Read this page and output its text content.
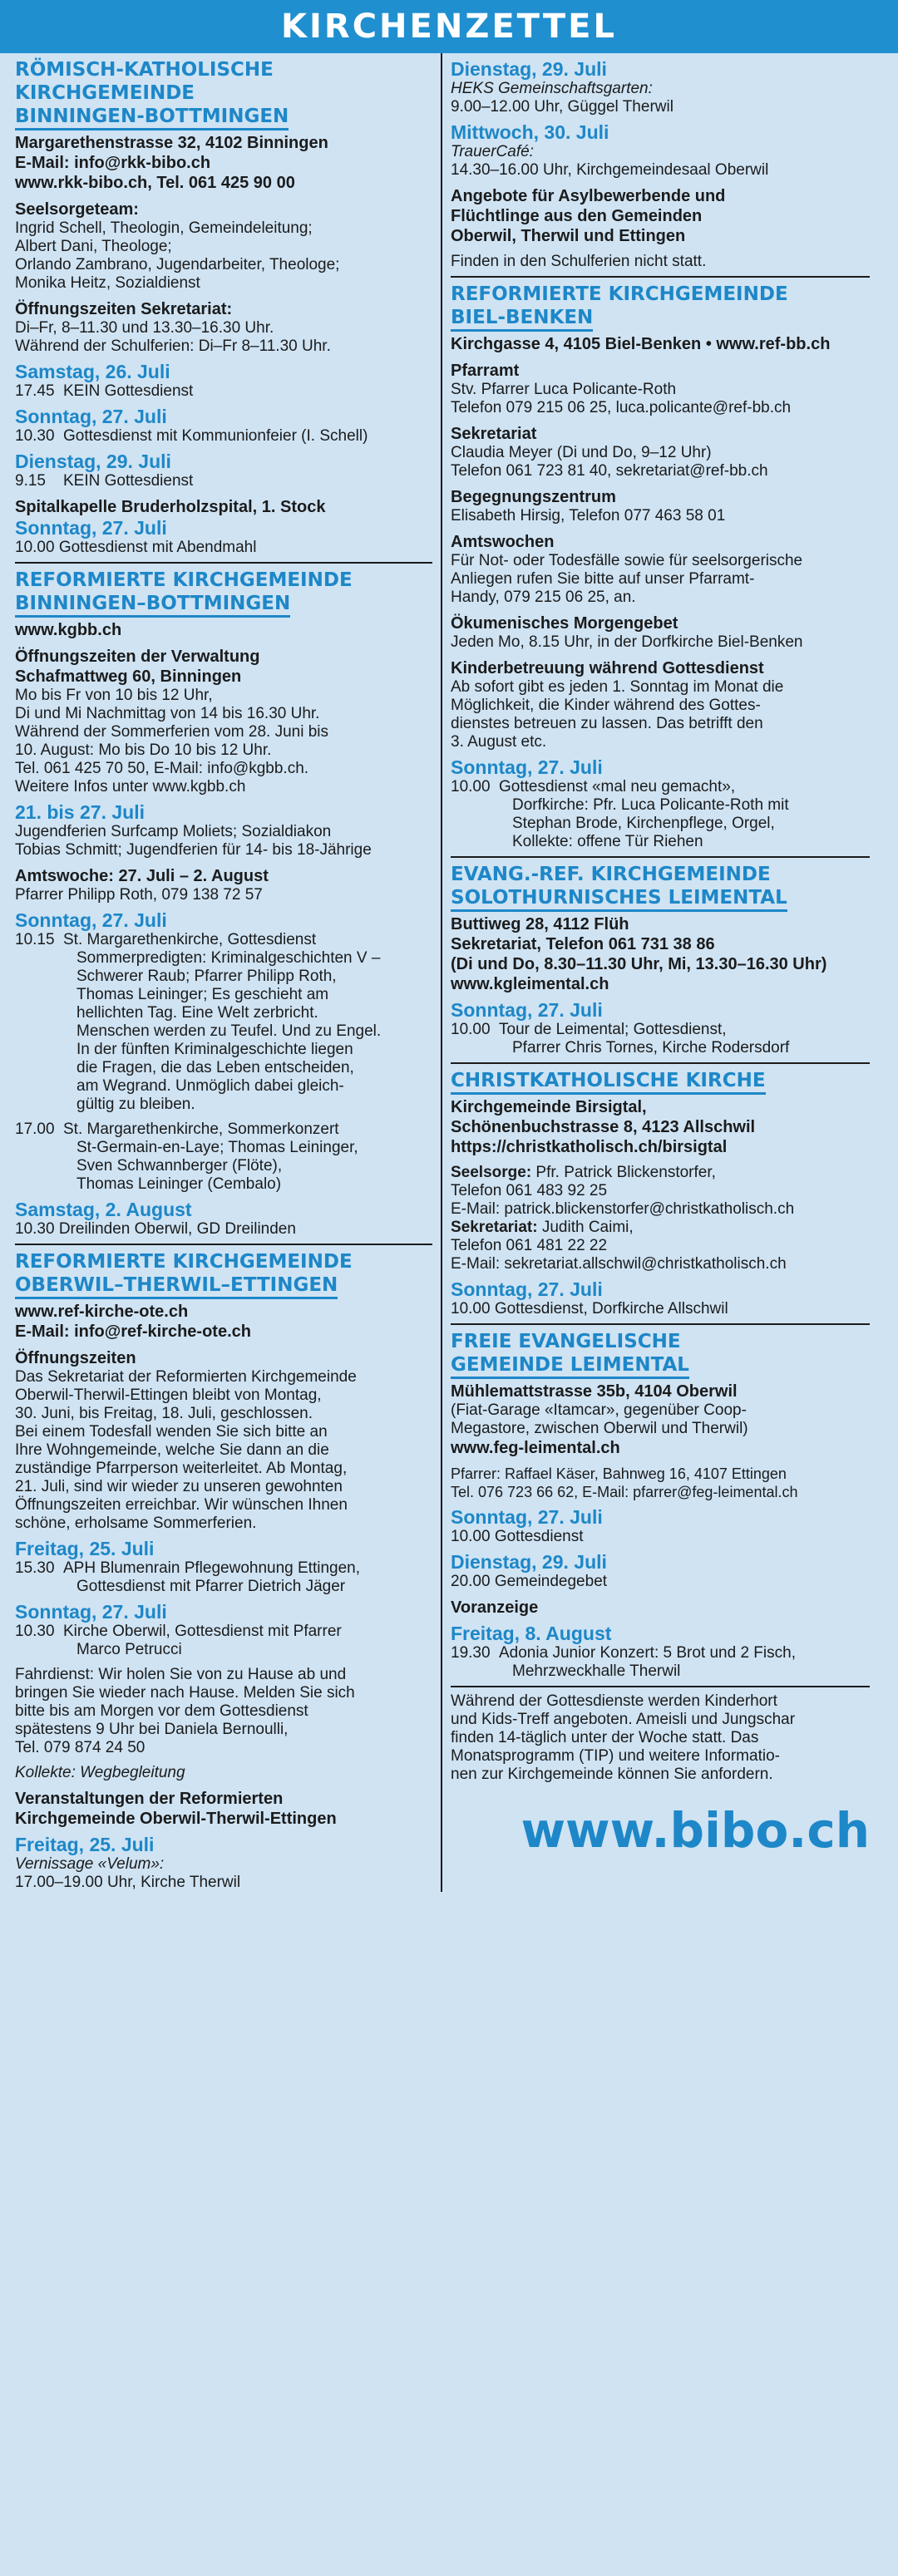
KIRCHENZETTEL
RÖMISCH-KATHOLISCHE
KIRCHGEMEINDE
BINNINGEN-BOTTMINGEN
Margarethenstrasse 32, 4102 Binningen
E-Mail: info@rkk-bibo.ch
www.rkk-bibo.ch, Tel. 061 425 90 00
Seelsorgeteam:
Ingrid Schell, Theologin, Gemeindeleitung;
Albert Dani, Theologe;
Orlando Zambrano, Jugendarbeiter, Theologe;
Monika Heitz, Sozialdienst
Öffnungszeiten Sekretariat:
Di–Fr, 8–11.30 und 13.30–16.30 Uhr.
Während der Schulferien: Di–Fr 8–11.30 Uhr.
Samstag, 26. Juli
17.45 KEIN Gottesdienst
Sonntag, 27. Juli
10.30 Gottesdienst mit Kommunionfeier (I. Schell)
Dienstag, 29. Juli
9.15	KEIN Gottesdienst
Spitalkapelle Bruderholzspital, 1. Stock
Sonntag, 27. Juli
10.00 Gottesdienst mit Abendmahl
REFORMIERTE KIRCHGEMEINDE
BINNINGEN–BOTTMINGEN
www.kgbb.ch
Öffnungszeiten der Verwaltung
Schafmattweg 60, Binningen
Mo bis Fr von 10 bis 12 Uhr,
Di und Mi Nachmittag von 14 bis 16.30 Uhr.
Während der Sommerferien vom 28. Juni bis
10. August: Mo bis Do 10 bis 12 Uhr.
Tel. 061 425 70 50, E-Mail: info@kgbb.ch.
Weitere Infos unter www.kgbb.ch
21. bis 27. Juli
Jugendferien Surfcamp Moliets; Sozialdiakon
Tobias Schmitt; Jugendferien für 14- bis 18-Jährige
Amtswoche: 27. Juli – 2. August
Pfarrer Philipp Roth, 079 138 72 57
Sonntag, 27. Juli
10.15 St. Margarethenkirche, Gottesdienst
Sommerpredigten: Kriminalgeschichten V –
Schwerer Raub; Pfarrer Philipp Roth,
Thomas Leininger; Es geschieht am
hellichten Tag. Eine Welt zerbricht.
Menschen werden zu Teufel. Und zu Engel.
In der fünften Kriminalgeschichte liegen
die Fragen, die das Leben entscheiden,
am Wegrand. Unmöglich dabei gleich-
gültig zu bleiben.
17.00 St. Margarethenkirche, Sommerkonzert
St-Germain-en-Laye; Thomas Leininger,
Sven Schwannberger (Flöte),
Thomas Leininger (Cembalo)
Samstag, 2. August
10.30 Dreilinden Oberwil, GD Dreilinden
REFORMIERTE KIRCHGEMEINDE
OBERWIL–THERWIL–ETTINGEN
www.ref-kirche-ote.ch
E-Mail: info@ref-kirche-ote.ch
Öffnungszeiten
Das Sekretariat der Reformierten Kirchgemeinde
Oberwil-Therwil-Ettingen bleibt von Montag,
30. Juni, bis Freitag, 18. Juli, geschlossen.
Bei einem Todesfall wenden Sie sich bitte an
Ihre Wohngemeinde, welche Sie dann an die
zuständige Pfarrperson weiterleitet. Ab Montag,
21. Juli, sind wir wieder zu unseren gewohnten
Öffnungszeiten erreichbar. Wir wünschen Ihnen
schöne, erholsame Sommerferien.
Freitag, 25. Juli
15.30 APH Blumenrain Pflegewohnung Ettingen,
Gottesdienst mit Pfarrer Dietrich Jäger
Sonntag, 27. Juli
10.30 Kirche Oberwil, Gottesdienst mit Pfarrer
Marco Petrucci
Fahrdienst: Wir holen Sie von zu Hause ab und
bringen Sie wieder nach Hause. Melden Sie sich
bitte bis am Morgen vor dem Gottesdienst
spätestens 9 Uhr bei Daniela Bernoulli,
Tel. 079 874 24 50
Kollekte: Wegbegleitung
Veranstaltungen der Reformierten
Kirchgemeinde Oberwil-Therwil-Ettingen
Freitag, 25. Juli
Vernissage «Velum»:
17.00–19.00 Uhr, Kirche Therwil
Dienstag, 29. Juli
HEKS Gemeinschaftsgarten:
9.00–12.00 Uhr, Güggel Therwil
Mittwoch, 30. Juli
TrauerCafé:
14.30–16.00 Uhr, Kirchgemeindesaal Oberwil
Angebote für Asylbewerbende und
Flüchtlinge aus den Gemeinden
Oberwil, Therwil und Ettingen
Finden in den Schulferien nicht statt.
REFORMIERTE KIRCHGEMEINDE
BIEL-BENKEN
Kirchgasse 4, 4105 Biel-Benken • www.ref-bb.ch
Pfarramt
Stv. Pfarrer Luca Policante-Roth
Telefon 079 215 06 25, luca.policante@ref-bb.ch
Sekretariat
Claudia Meyer (Di und Do, 9–12 Uhr)
Telefon 061 723 81 40, sekretariat@ref-bb.ch
Begegnungszentrum
Elisabeth Hirsig, Telefon 077 463 58 01
Amtswochen
Für Not- oder Todesfälle sowie für seelsorgerische
Anliegen rufen Sie bitte auf unser Pfarramt-
Handy, 079 215 06 25, an.
Ökumenisches Morgengebet
Jeden Mo, 8.15 Uhr, in der Dorfkirche Biel-Benken
Kinderbetreuung während Gottesdienst
Ab sofort gibt es jeden 1. Sonntag im Monat die
Möglichkeit, die Kinder während des Gottes-
dienstes betreuen zu lassen. Das betrifft den
3. August etc.
Sonntag, 27. Juli
10.00 Gottesdienst «mal neu gemacht»,
Dorfkirche: Pfr. Luca Policante-Roth mit
Stephan Brode, Kirchenpflege, Orgel,
Kollekte: offene Tür Riehen
EVANG.-REF. KIRCHGEMEINDE
SOLOTHURNISCHES LEIMENTAL
Buttiweg 28, 4112 Flüh
Sekretariat, Telefon 061 731 38 86
(Di und Do, 8.30–11.30 Uhr, Mi, 13.30–16.30 Uhr)
www.kgleimental.ch
Sonntag, 27. Juli
10.00 Tour de Leimental; Gottesdienst,
Pfarrer Chris Tornes, Kirche Rodersdorf
CHRISTKATHOLISCHE KIRCHE
Kirchgemeinde Birsigtal,
Schönenbuchstrasse 8, 4123 Allschwil
https://christkatholisch.ch/birsigtal
Seelsorge: Pfr. Patrick Blickenstorfer,
Telefon 061 483 92 25
E-Mail: patrick.blickenstorfer@christkatholisch.ch
Sekretariat: Judith Caimi,
Telefon 061 481 22 22
E-Mail: sekretariat.allschwil@christkatholisch.ch
Sonntag, 27. Juli
10.00 Gottesdienst, Dorfkirche Allschwil
FREIE EVANGELISCHE
GEMEINDE LEIMENTAL
Mühlemattstrasse 35b, 4104 Oberwil
(Fiat-Garage «Itamcar», gegenüber Coop-
Megastore, zwischen Oberwil und Therwil)
www.feg-leimental.ch
Pfarrer: Raffael Käser, Bahnweg 16, 4107 Ettingen
Tel. 076 723 66 62, E-Mail: pfarrer@feg-leimental.ch
Sonntag, 27. Juli
10.00 Gottesdienst
Dienstag, 29. Juli
20.00 Gemeindegebet
Voranzeige
Freitag, 8. August
19.30 Adonia Junior Konzert: 5 Brot und 2 Fisch,
Mehrzweckhalle Therwil
Während der Gottesdienste werden Kinderhort
und Kids-Treff angeboten. Ameisli und Jungschar
finden 14-täglich unter der Woche statt. Das
Monatsprogramm (TIP) und weitere Informatio-
nen zur Kirchgemeinde können Sie anfordern.
www.bibo.ch
